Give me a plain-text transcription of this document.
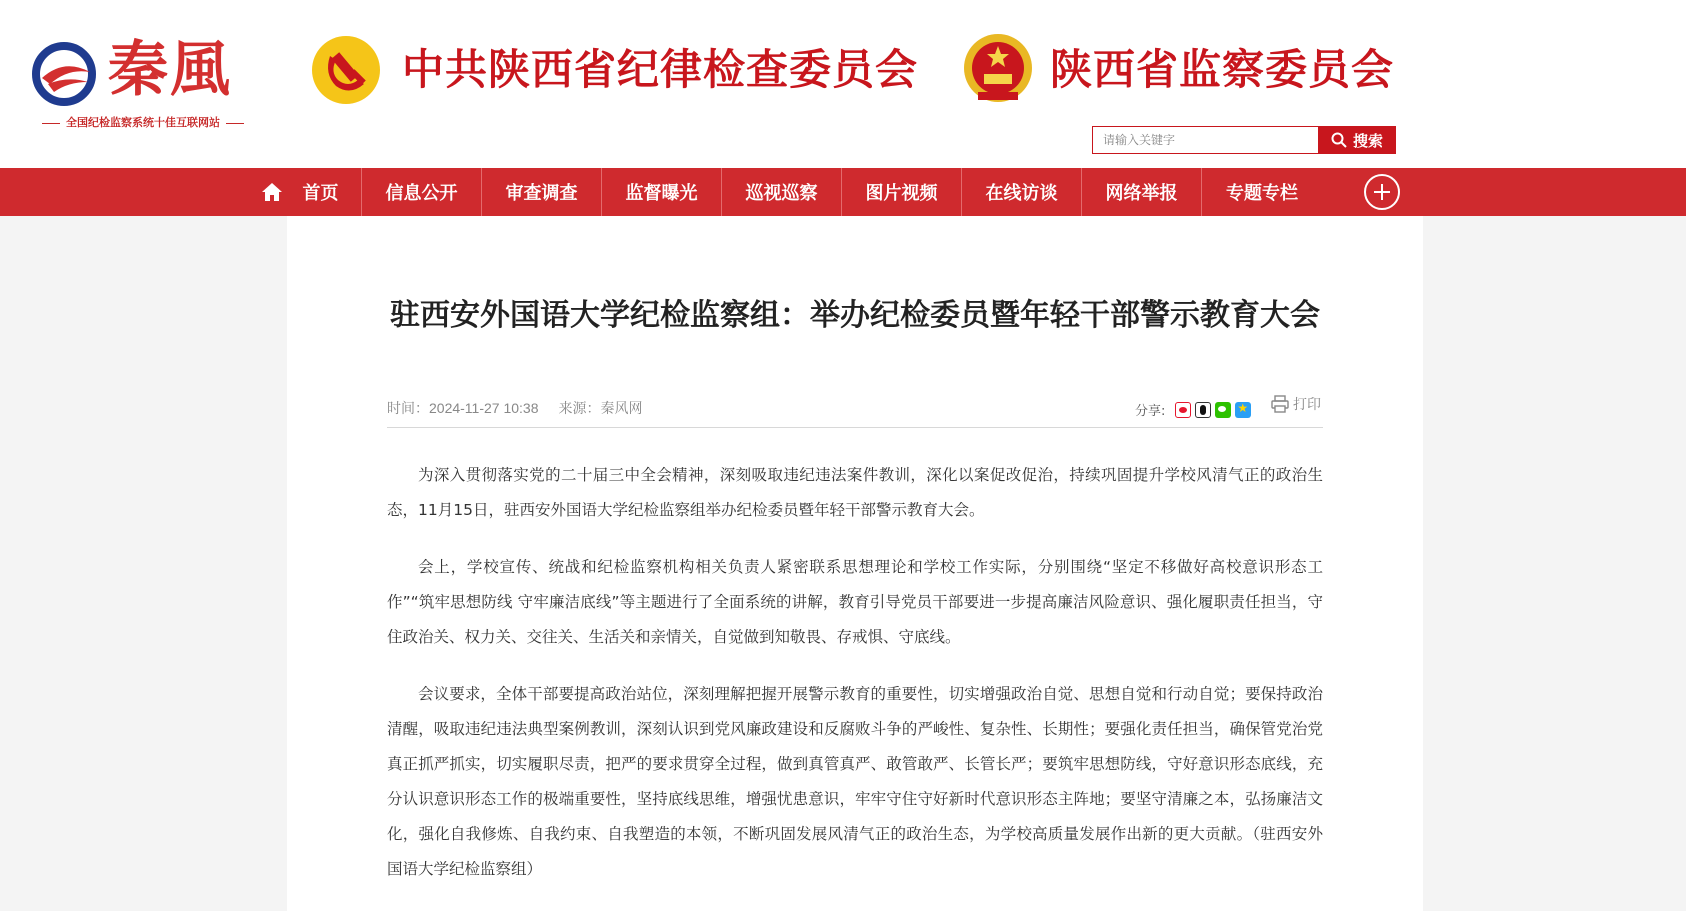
秦風
全国纪检监察系统十佳互联网站
中共陕西省纪律检查委员会	陕西省监察委员会
请输入关键字
搜索
首页	信息公开	审查调查	监督曝光	巡视巡察	图片视频	在线访谈	网络举报	专题专栏
驻西安外国语大学纪检监察组：举办纪检委员暨年轻干部警示教育大会
时间：2024-11-27 10:38 来源：秦风网	分享:
★	打印

为深入贯彻落实党的二十届三中全会精神，深刻吸取违纪违法案件教训，深化以案促改促治，持续巩固提升学校风清气正的政治生态，11月15日，驻西安外国语大学纪检监察组举办纪检委员暨年轻干部警示教育大会。

会上，学校宣传、统战和纪检监察机构相关负责人紧密联系思想理论和学校工作实际，分别围绕“坚定不移做好高校意识形态工作”“筑牢思想防线 守牢廉洁底线”等主题进行了全面系统的讲解，教育引导党员干部要进一步提高廉洁风险意识、强化履职责任担当，守住政治关、权力关、交往关、生活关和亲情关，自觉做到知敬畏、存戒惧、守底线。

会议要求，全体干部要提高政治站位，深刻理解把握开展警示教育的重要性，切实增强政治自觉、思想自觉和行动自觉；要保持政治清醒，吸取违纪违法典型案例教训，深刻认识到党风廉政建设和反腐败斗争的严峻性、复杂性、长期性；要强化责任担当，确保管党治党真正抓严抓实，切实履职尽责，把严的要求贯穿全过程，做到真管真严、敢管敢严、长管长严；要筑牢思想防线，守好意识形态底线，充分认识意识形态工作的极端重要性，坚持底线思维，增强忧患意识，牢牢守住守好新时代意识形态主阵地；要坚守清廉之本，弘扬廉洁文化，强化自我修炼、自我约束、自我塑造的本领，不断巩固发展风清气正的政治生态，为学校高质量发展作出新的更大贡献。（驻西安外国语大学纪检监察组）
